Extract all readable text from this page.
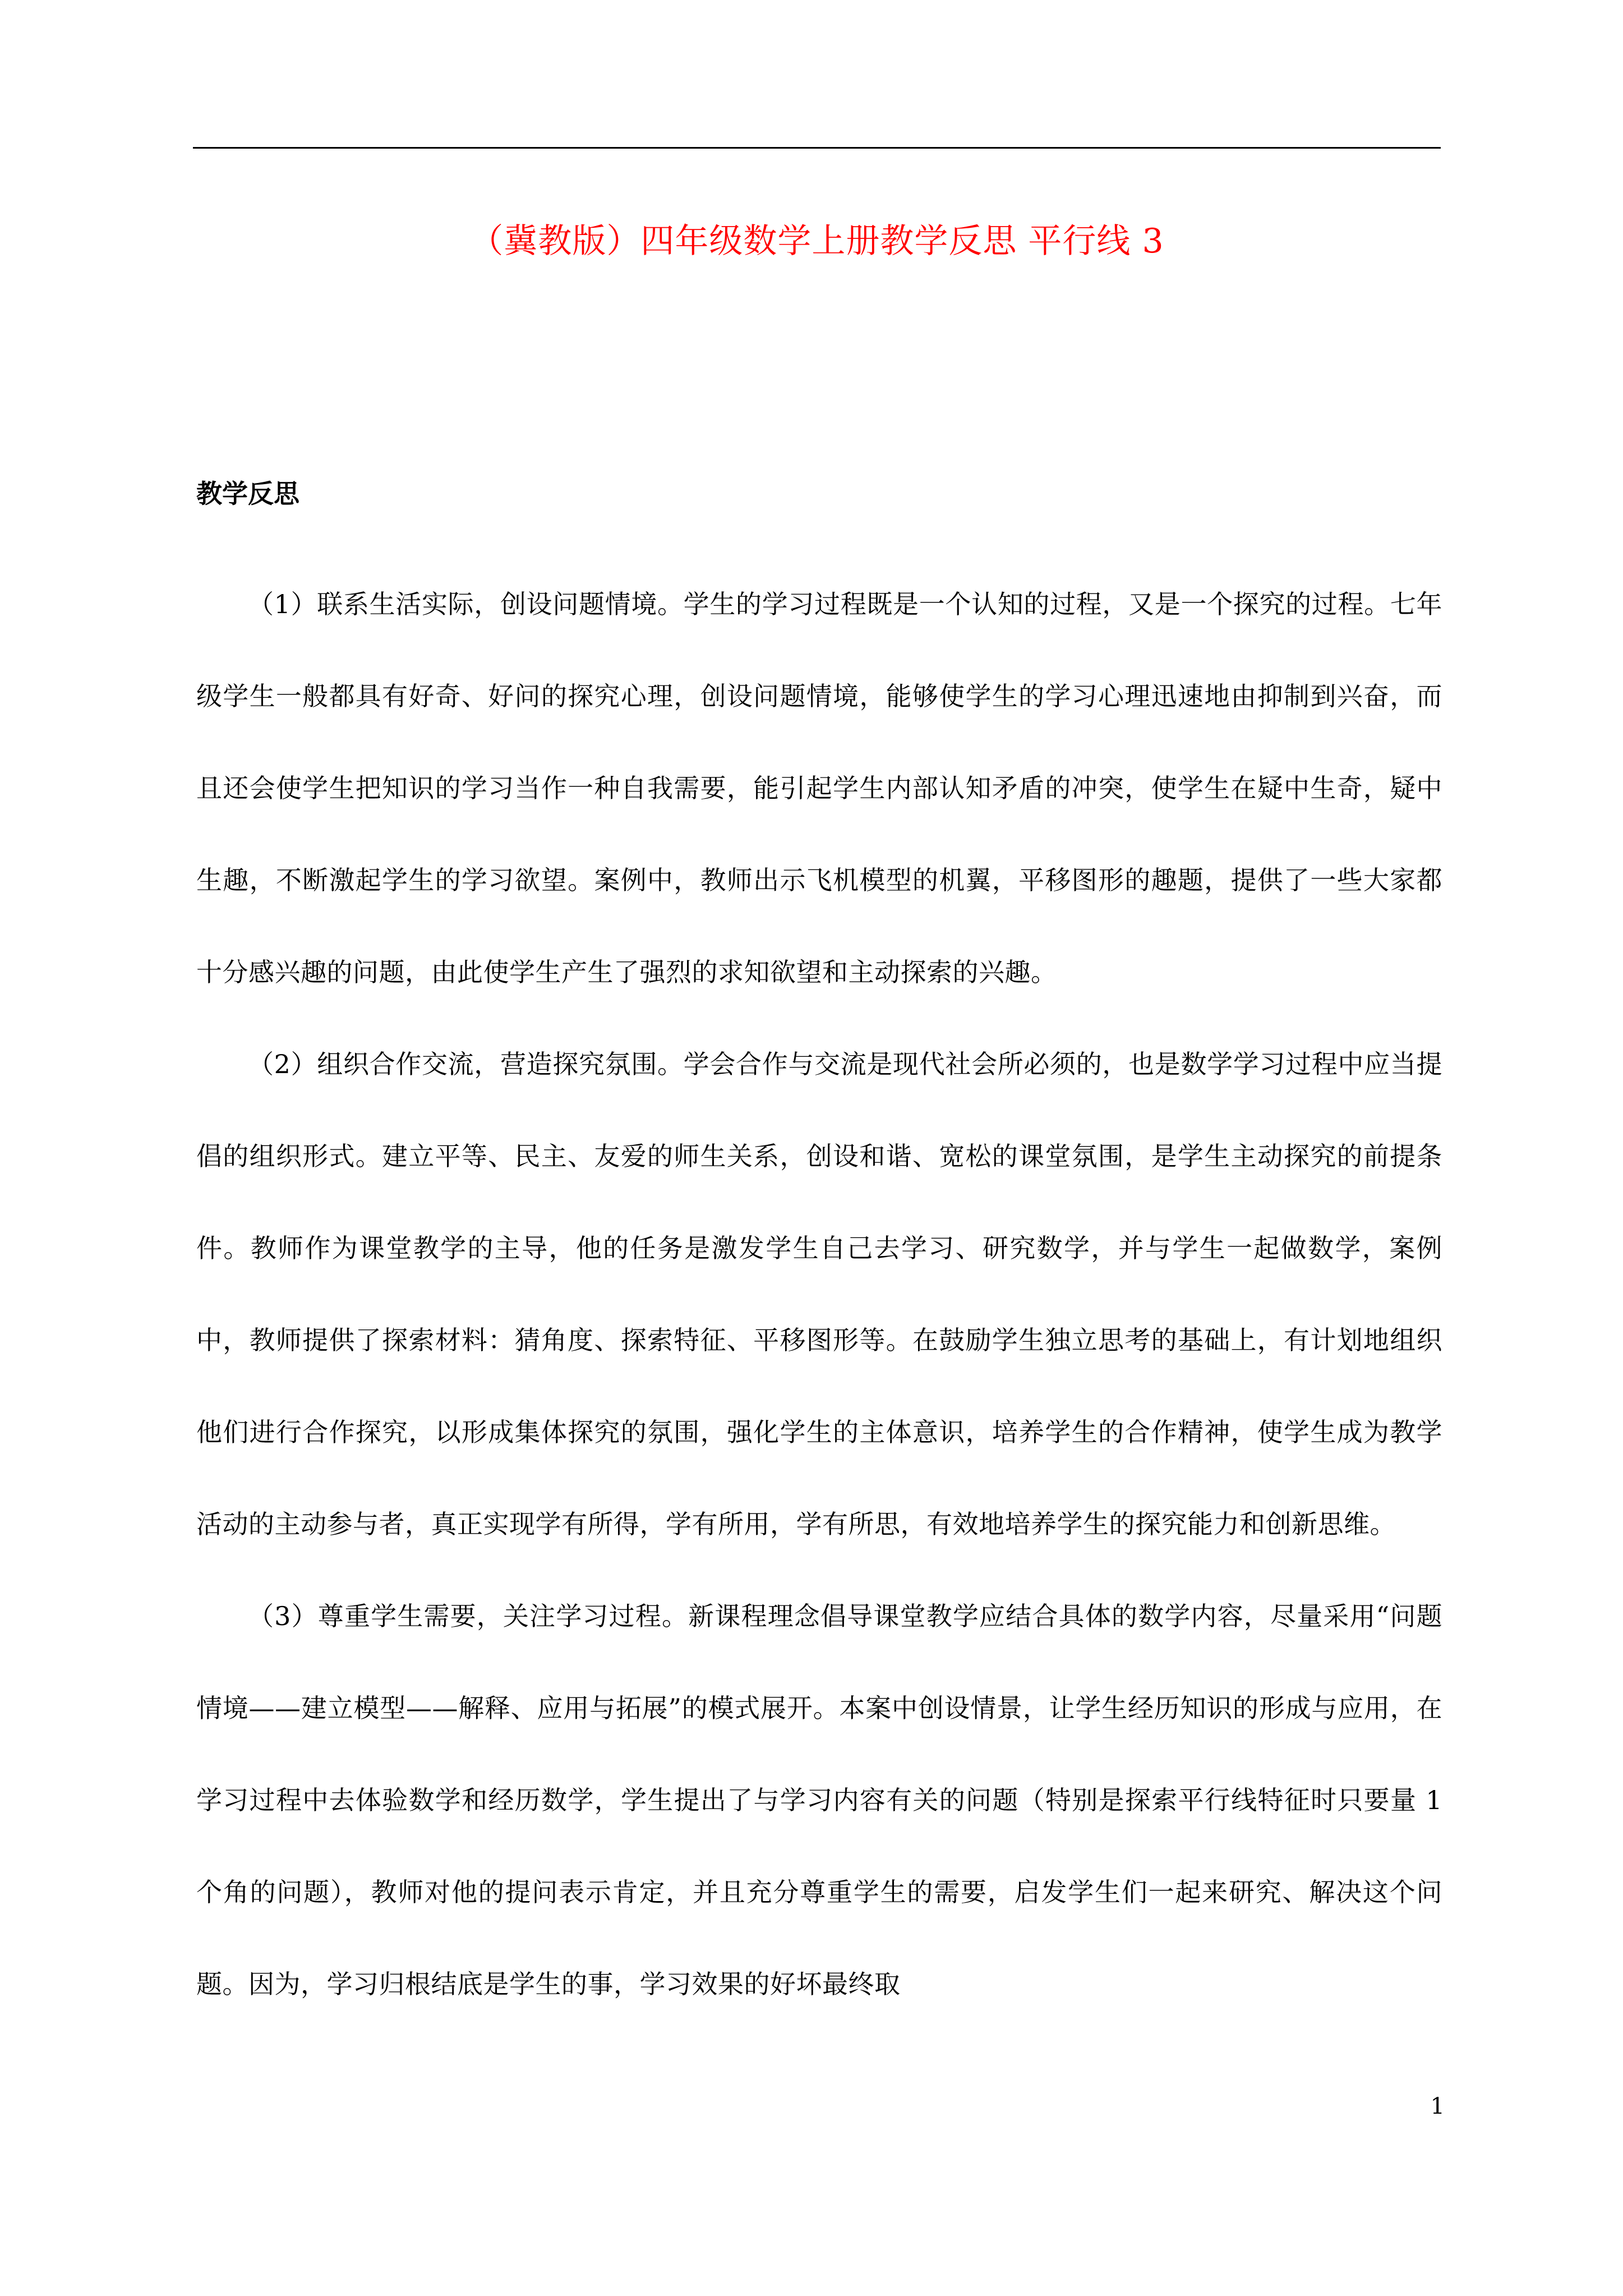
（冀教版）四年级数学上册教学反思 平行线 3
教学反思

（1）联系生活实际，创设问题情境。学生的学习过程既是一个认知的过程，又是一个探究的过程。七年级学生一般都具有好奇、好问的探究心理，创设问题情境，能够使学生的学习心理迅速地由抑制到兴奋，而且还会使学生把知识的学习当作一种自我需要，能引起学生内部认知矛盾的冲突，使学生在疑中生奇，疑中生趣，不断激起学生的学习欲望。案例中，教师出示飞机模型的机翼，平移图形的趣题，提供了一些大家都十分感兴趣的问题，由此使学生产生了强烈的求知欲望和主动探索的兴趣。

（2）组织合作交流，营造探究氛围。学会合作与交流是现代社会所必须的，也是数学学习过程中应当提倡的组织形式。建立平等、民主、友爱的师生关系，创设和谐、宽松的课堂氛围，是学生主动探究的前提条件。教师作为课堂教学的主导，他的任务是激发学生自己去学习、研究数学，并与学生一起做数学，案例中，教师提供了探索材料：猜角度、探索特征、平移图形等。在鼓励学生独立思考的基础上，有计划地组织他们进行合作探究，以形成集体探究的氛围，强化学生的主体意识，培养学生的合作精神，使学生成为教学活动的主动参与者，真正实现学有所得，学有所用，学有所思，有效地培养学生的探究能力和创新思维。

（3）尊重学生需要，关注学习过程。新课程理念倡导课堂教学应结合具体的数学内容，尽量采用“问题情境——建立模型——解释、应用与拓展”的模式展开。本案中创设情景，让学生经历知识的形成与应用，在学习过程中去体验数学和经历数学，学生提出了与学习内容有关的问题（特别是探索平行线特征时只要量 1 个角的问题），教师对他的提问表示肯定，并且充分尊重学生的需要，启发学生们一起来研究、解决这个问题。因为，学习归根结底是学生的事，学习效果的好坏最终取

1
